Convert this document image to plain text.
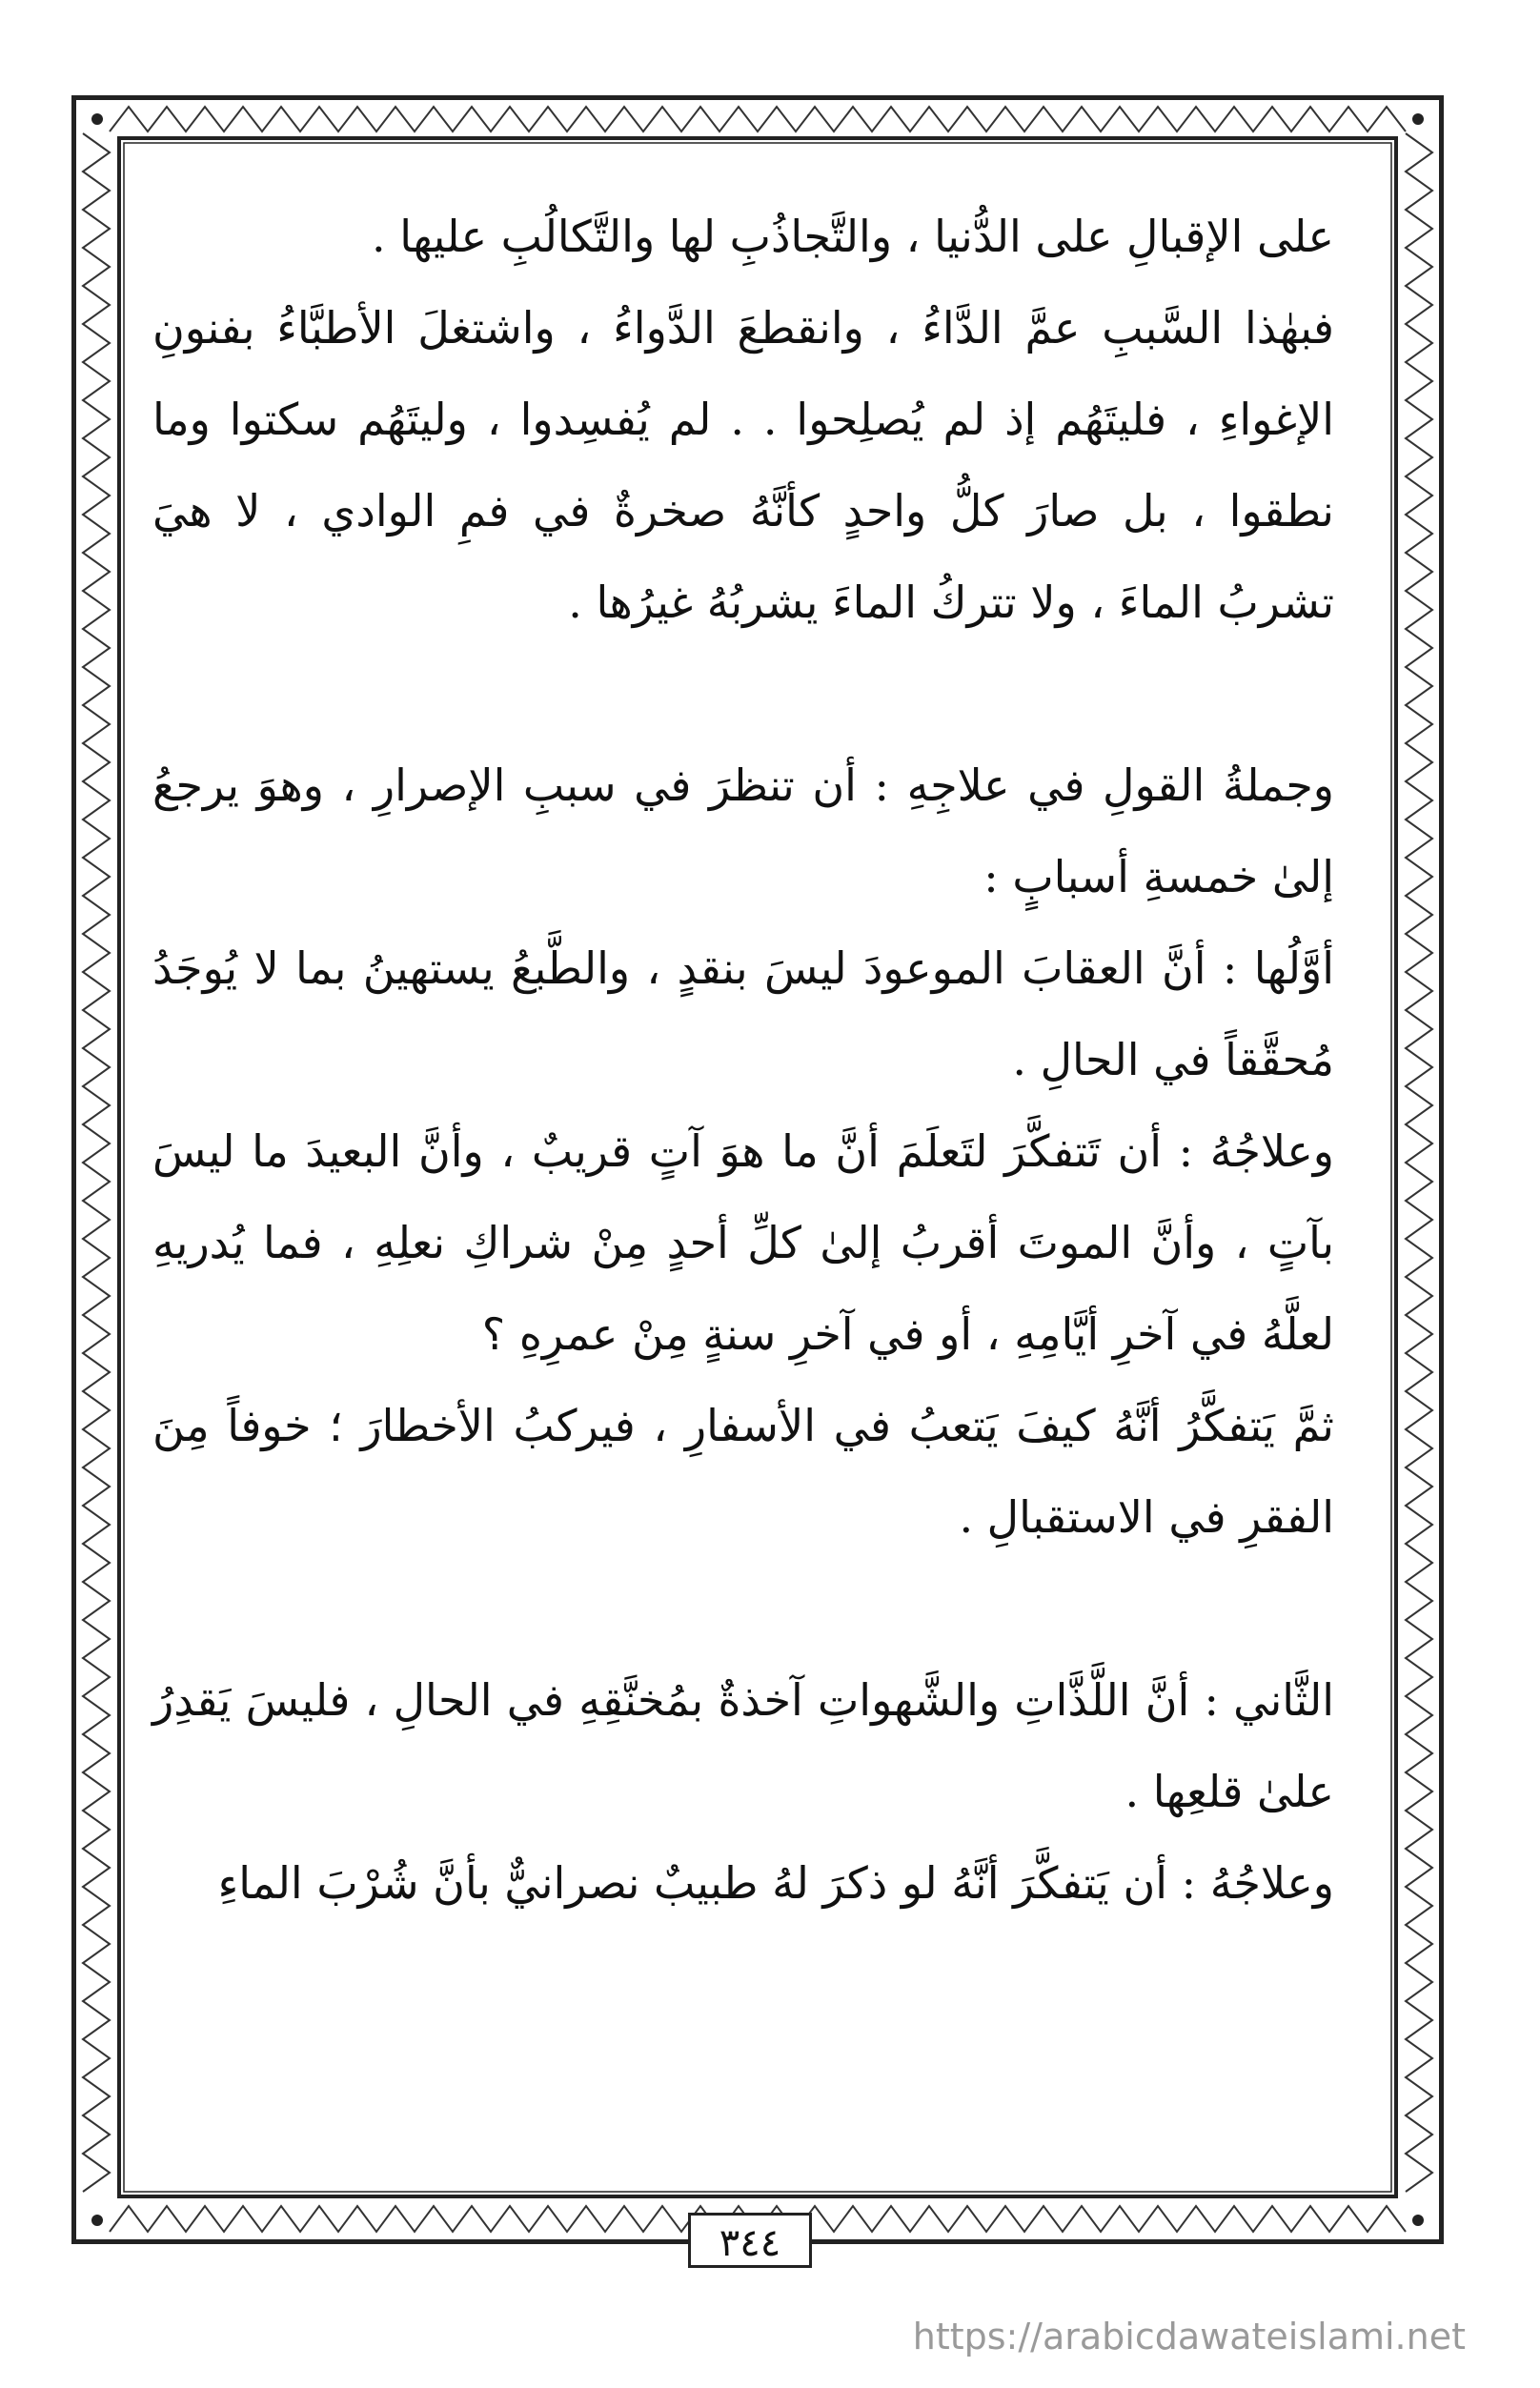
على الإقبالِ على الدُّنيا ، والتَّجاذُبِ لها والتَّكالُبِ عليها .

فبهٰذا السَّببِ عمَّ الدَّاءُ ، وانقطعَ الدَّواءُ ، واشتغلَ الأطبَّاءُ بفنونِ الإغواءِ ، فليتَهُم إذ لم يُصلِحوا . . لم يُفسِدوا ، وليتَهُم سكتوا وما نطقوا ، بل صارَ كلُّ واحدٍ كأنَّهُ صخرةٌ في فمِ الوادي ، لا هيَ تشربُ الماءَ ، ولا تتركُ الماءَ يشربُهُ غيرُها .

وجملةُ القولِ في علاجِهِ : أن تنظرَ في سببِ الإصرارِ ، وهوَ يرجعُ إلىٰ خمسةِ أسبابٍ :

أوَّلُها : أنَّ العقابَ الموعودَ ليسَ بنقدٍ ، والطَّبعُ يستهينُ بما لا يُوجَدُ مُحقَّقاً في الحالِ .

وعلاجُهُ : أن تَتفكَّرَ لتَعلَمَ أنَّ ما هوَ آتٍ قريبٌ ، وأنَّ البعيدَ ما ليسَ بآتٍ ، وأنَّ الموتَ أقربُ إلىٰ كلِّ أحدٍ مِنْ شراكِ نعلِهِ ، فما يُدريهِ لعلَّهُ في آخرِ أيَّامِهِ ، أو في آخرِ سنةٍ مِنْ عمرِهِ ؟

ثمَّ يَتفكَّرُ أنَّهُ كيفَ يَتعبُ في الأسفارِ ، فيركبُ الأخطارَ ؛ خوفاً مِنَ الفقرِ في الاستقبالِ .

الثَّاني : أنَّ اللَّذَّاتِ والشَّهواتِ آخذةٌ بمُخنَّقِهِ في الحالِ ، فليسَ يَقدِرُ علىٰ قلعِها .

وعلاجُهُ : أن يَتفكَّرَ أنَّهُ لو ذكرَ لهُ طبيبٌ نصرانيٌّ بأنَّ شُرْبَ الماءِ

٣٤٤
https://arabicdawateislami.net
